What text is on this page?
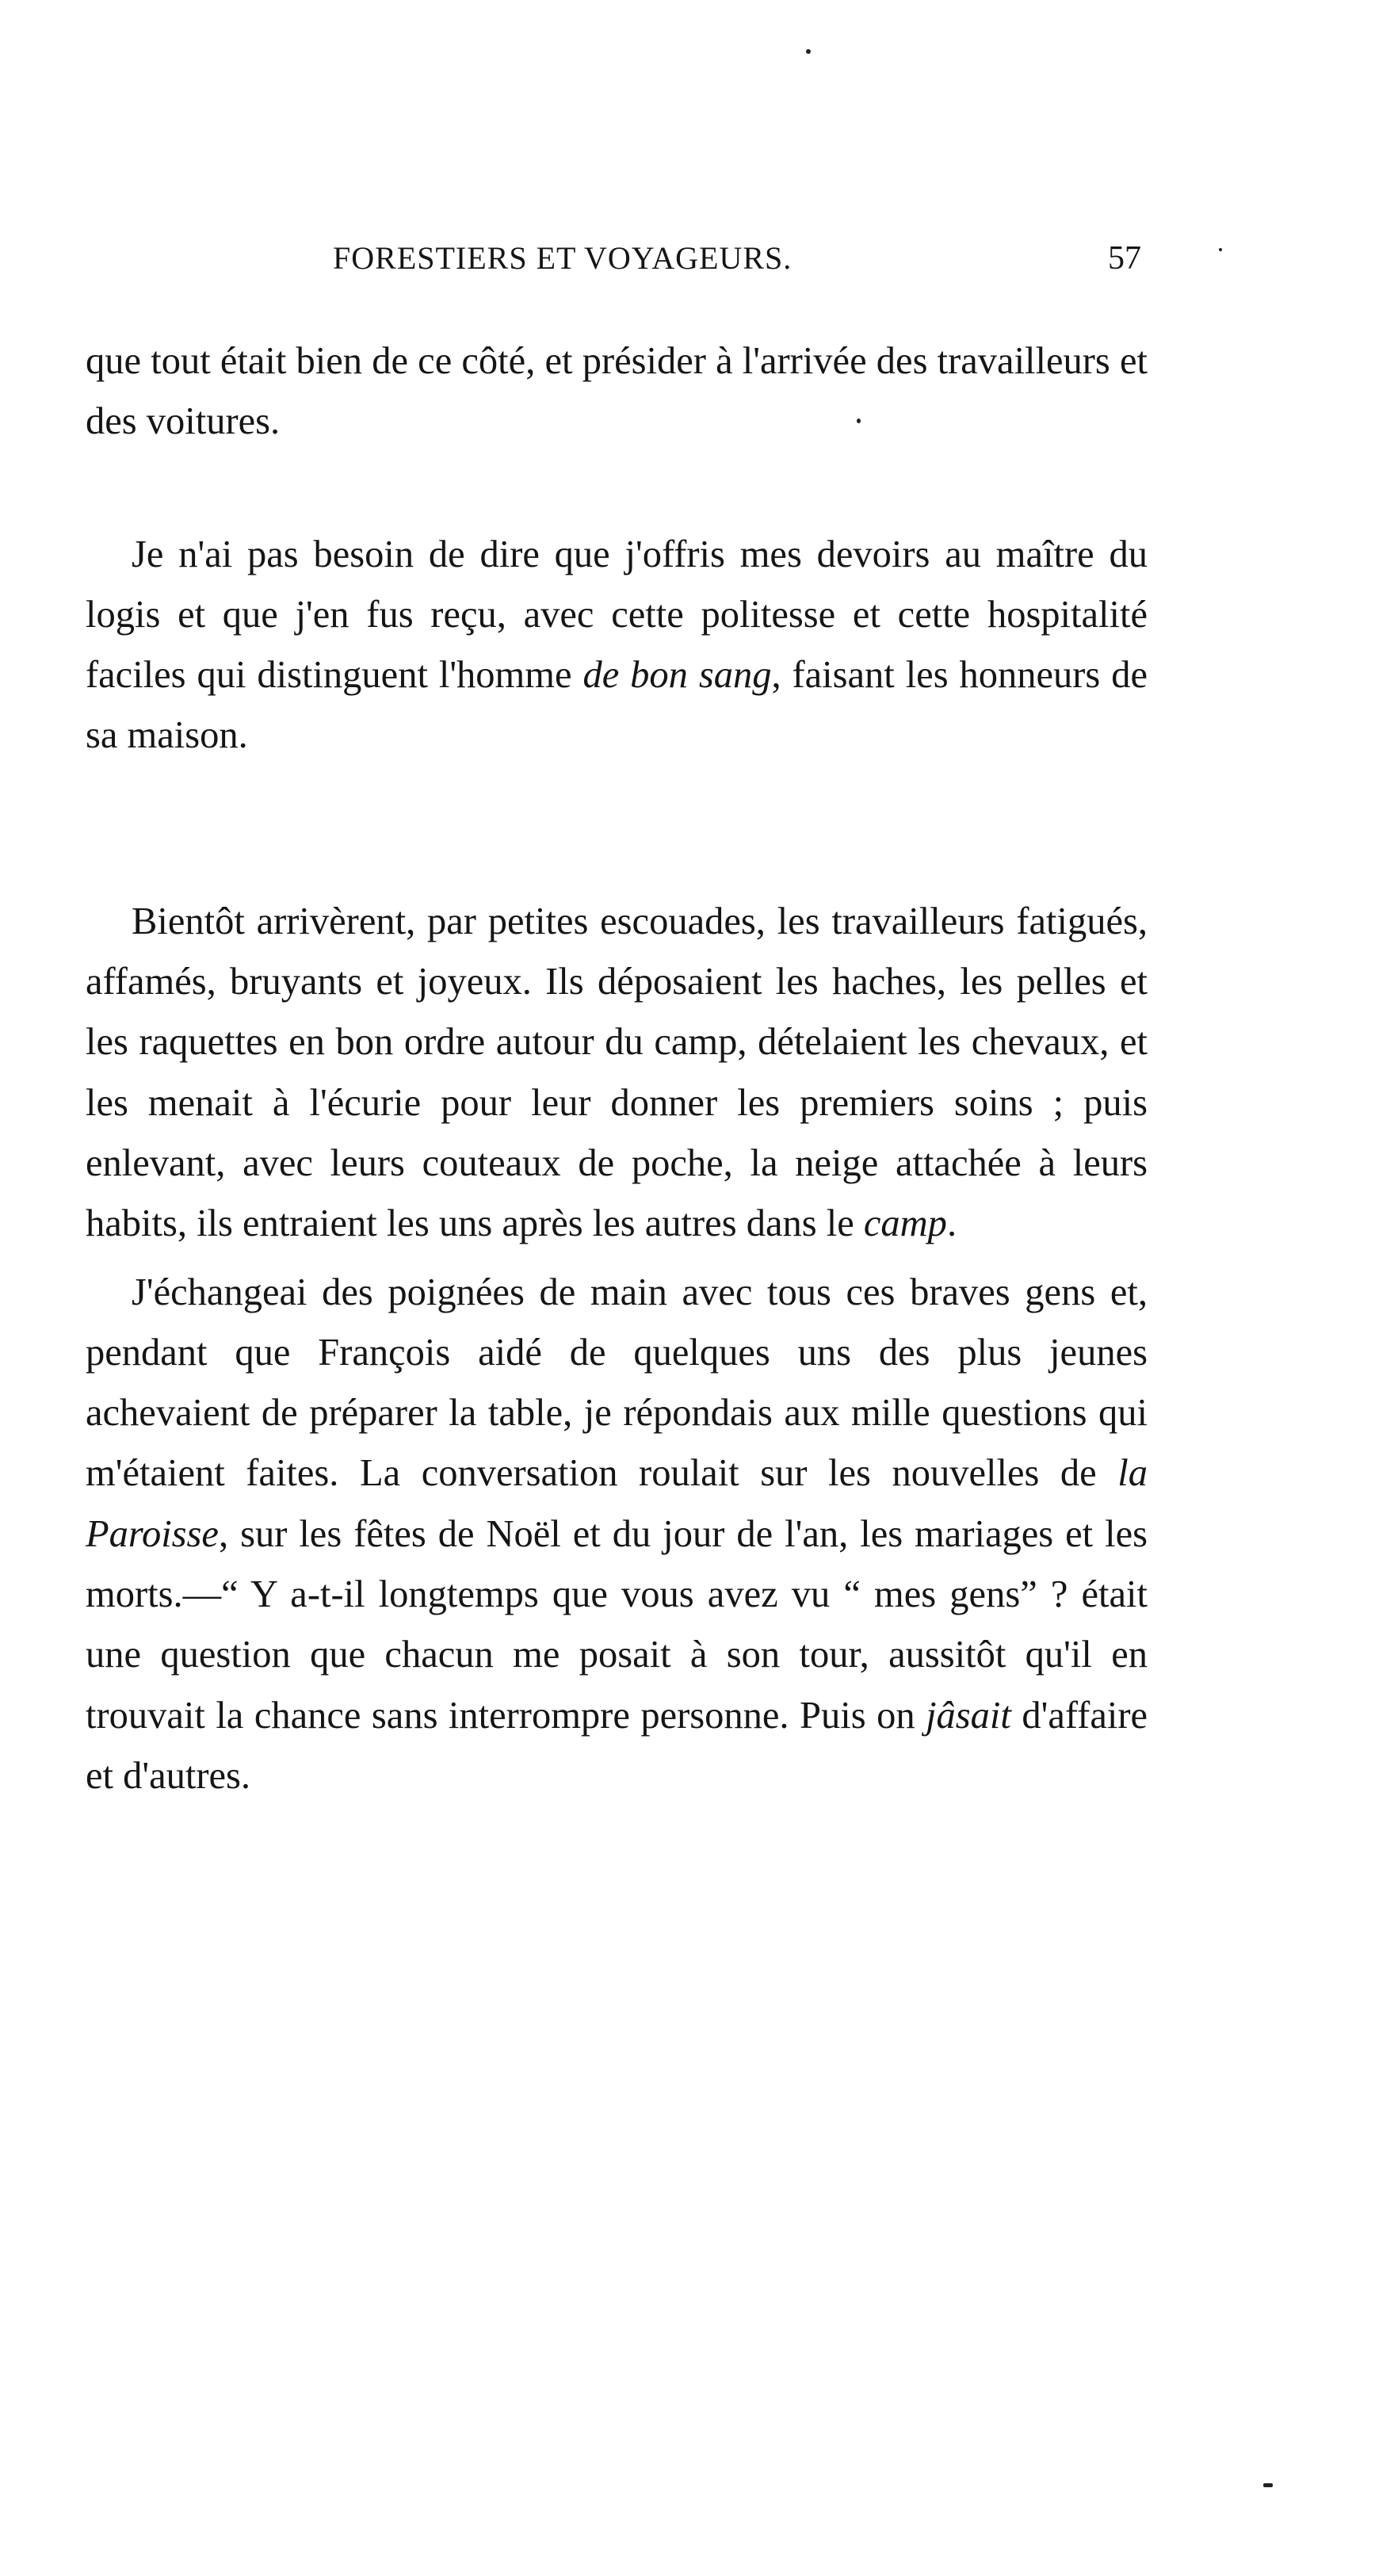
FORESTIERS ET VOYAGEURS.	57

que tout était bien de ce côté, et présider à l'arrivée des travailleurs et des voitures.

Je n'ai pas besoin de dire que j'offris mes devoirs au maître du logis et que j'en fus reçu, avec cette politesse et cette hospitalité faciles qui distinguent l'homme de bon sang, faisant les honneurs de sa maison.

Bientôt arrivèrent, par petites escouades, les travailleurs fatigués, affamés, bruyants et joyeux. Ils déposaient les haches, les pelles et les raquettes en bon ordre autour du camp, dételaient les chevaux, et les menait à l'écurie pour leur donner les premiers soins ; puis enlevant, avec leurs couteaux de poche, la neige attachée à leurs habits, ils entraient les uns après les autres dans le camp.

J'échangeai des poignées de main avec tous ces braves gens et, pendant que François aidé de quelques uns des plus jeunes achevaient de préparer la table, je répondais aux mille questions qui m'étaient faites. La conversation roulait sur les nouvelles de la Paroisse, sur les fêtes de Noël et du jour de l'an, les mariages et les morts.—“ Y a-t-il longtemps que vous avez vu “ mes gens” ? était une question que chacun me posait à son tour, aussitôt qu'il en trouvait la chance sans interrompre personne. Puis on jâsait d'affaire et d'autres.
